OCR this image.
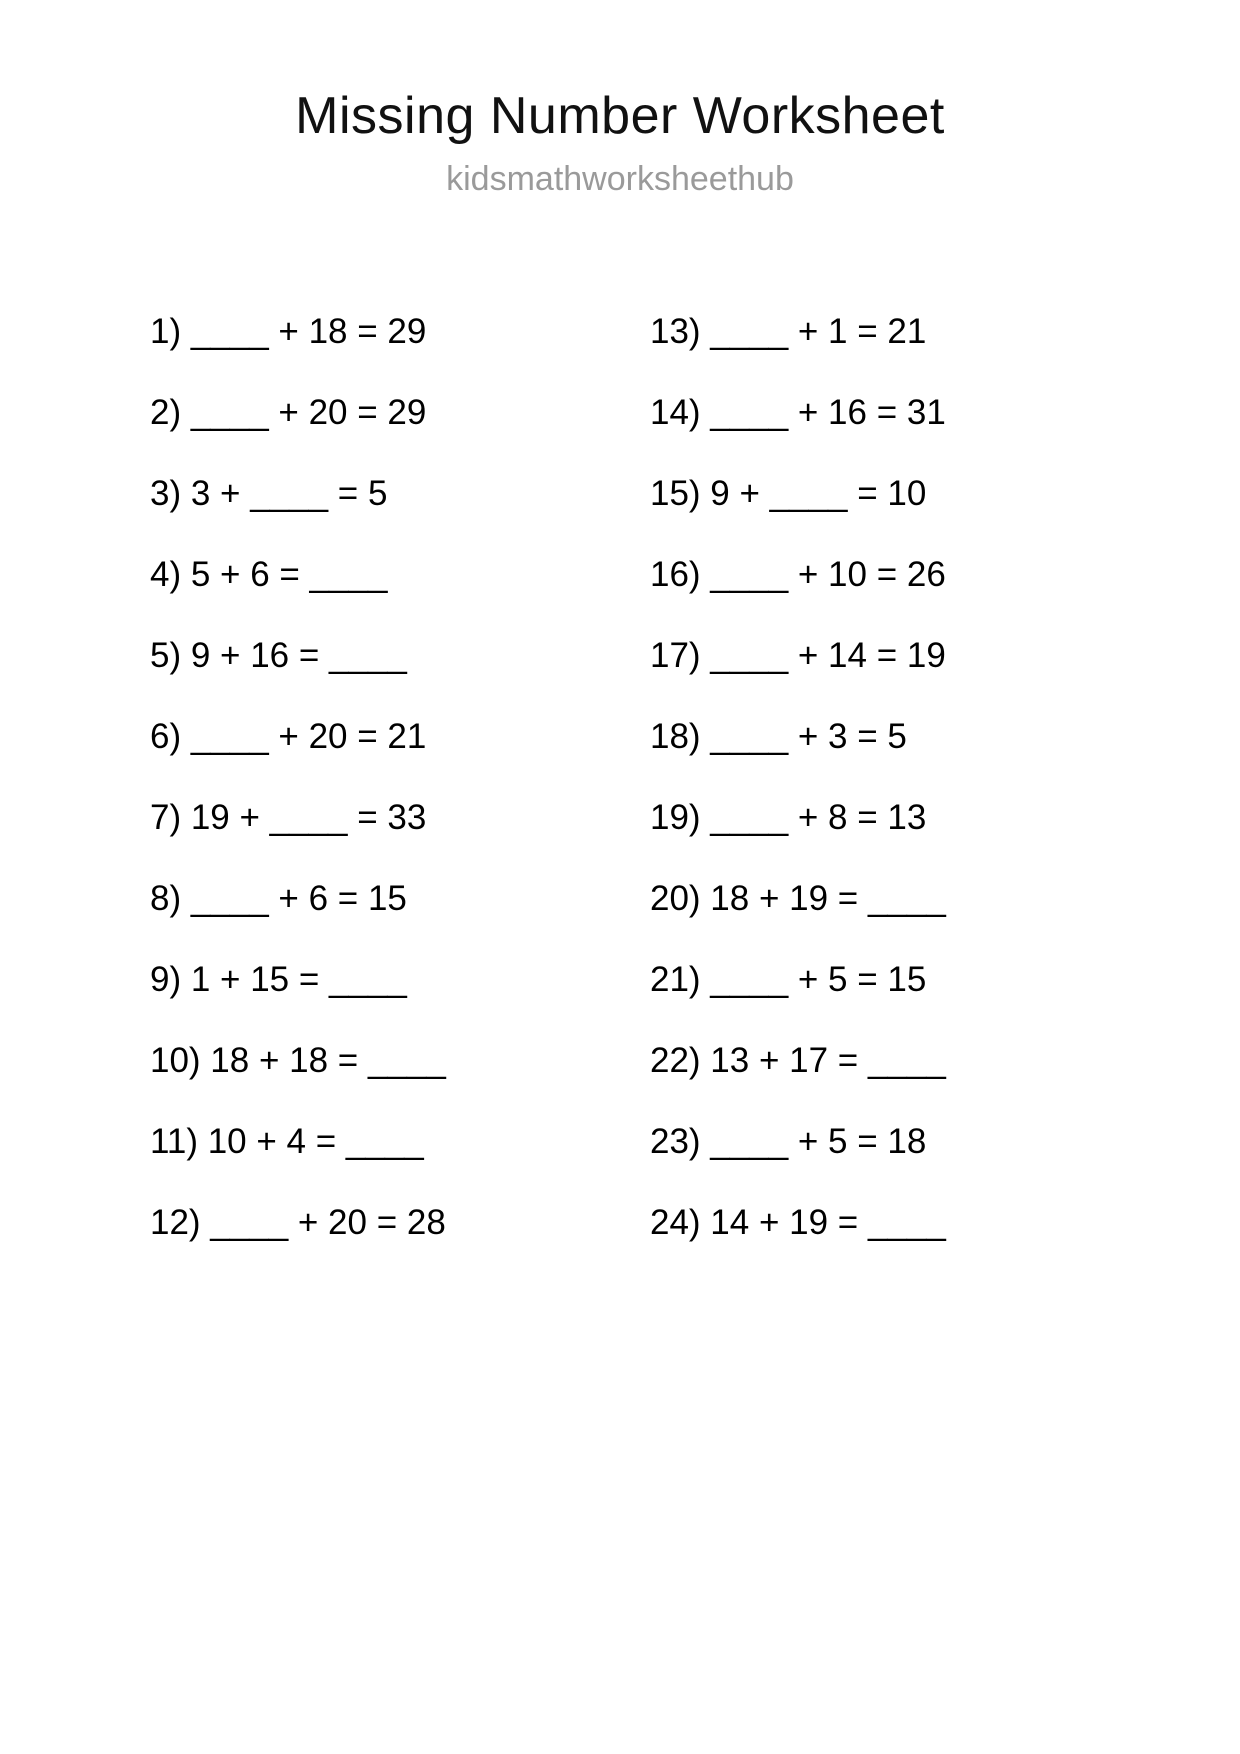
Missing Number Worksheet
kidsmathworksheethub
1) ____ + 18 = 29
2) ____ + 20 = 29
3) 3 + ____ = 5
4) 5 + 6 = ____
5) 9 + 16 = ____
6) ____ + 20 = 21
7) 19 + ____ = 33
8) ____ + 6 = 15
9) 1 + 15 = ____
10) 18 + 18 = ____
11) 10 + 4 = ____
12) ____ + 20 = 28
13) ____ + 1 = 21
14) ____ + 16 = 31
15) 9 + ____ = 10
16) ____ + 10 = 26
17) ____ + 14 = 19
18) ____ + 3 = 5
19) ____ + 8 = 13
20) 18 + 19 = ____
21) ____ + 5 = 15
22) 13 + 17 = ____
23) ____ + 5 = 18
24) 14 + 19 = ____
